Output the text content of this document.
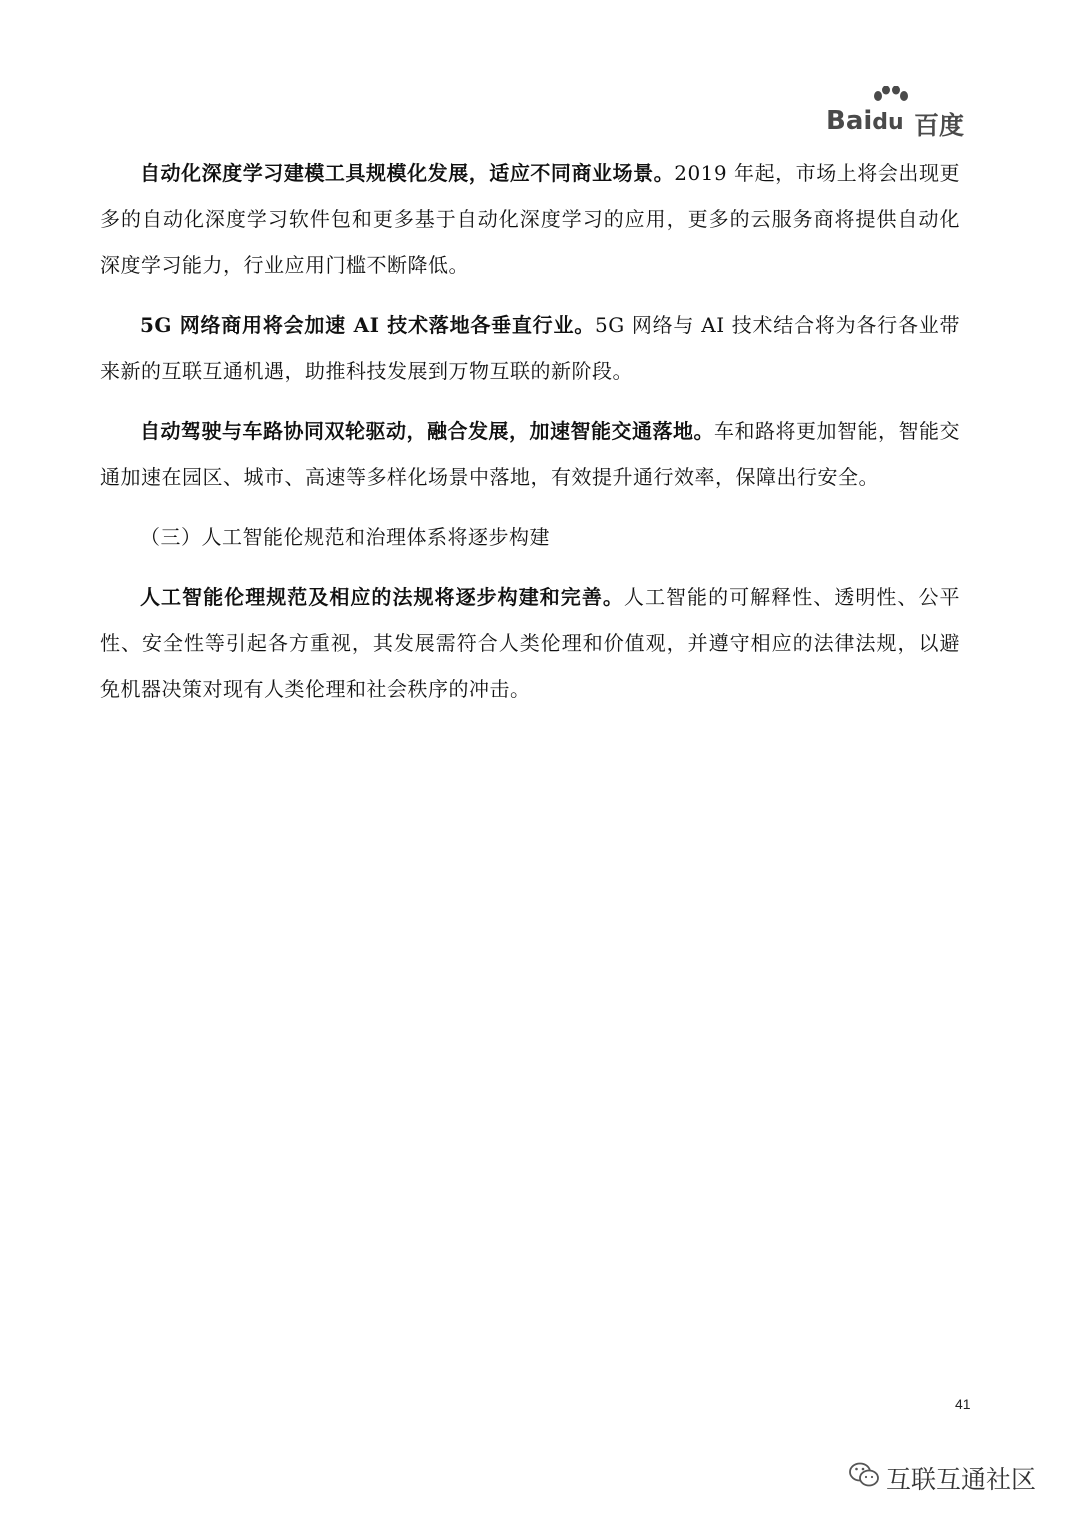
Baidu 百度

自动化深度学习建模工具规模化发展，适应不同商业场景。2019 年起，市场上将会出现更多的自动化深度学习软件包和更多基于自动化深度学习的应用，更多的云服务商将提供自动化深度学习能力，行业应用门槛不断降低。

5G 网络商用将会加速 AI 技术落地各垂直行业。5G 网络与 AI 技术结合将为各行各业带来新的互联互通机遇，助推科技发展到万物互联的新阶段。

自动驾驶与车路协同双轮驱动，融合发展，加速智能交通落地。车和路将更加智能，智能交通加速在园区、城市、高速等多样化场景中落地，有效提升通行效率，保障出行安全。

（三）人工智能伦规范和治理体系将逐步构建

人工智能伦理规范及相应的法规将逐步构建和完善。人工智能的可解释性、透明性、公平性、安全性等引起各方重视，其发展需符合人类伦理和价值观，并遵守相应的法律法规，以避免机器决策对现有人类伦理和社会秩序的冲击。

41
互联互通社区
